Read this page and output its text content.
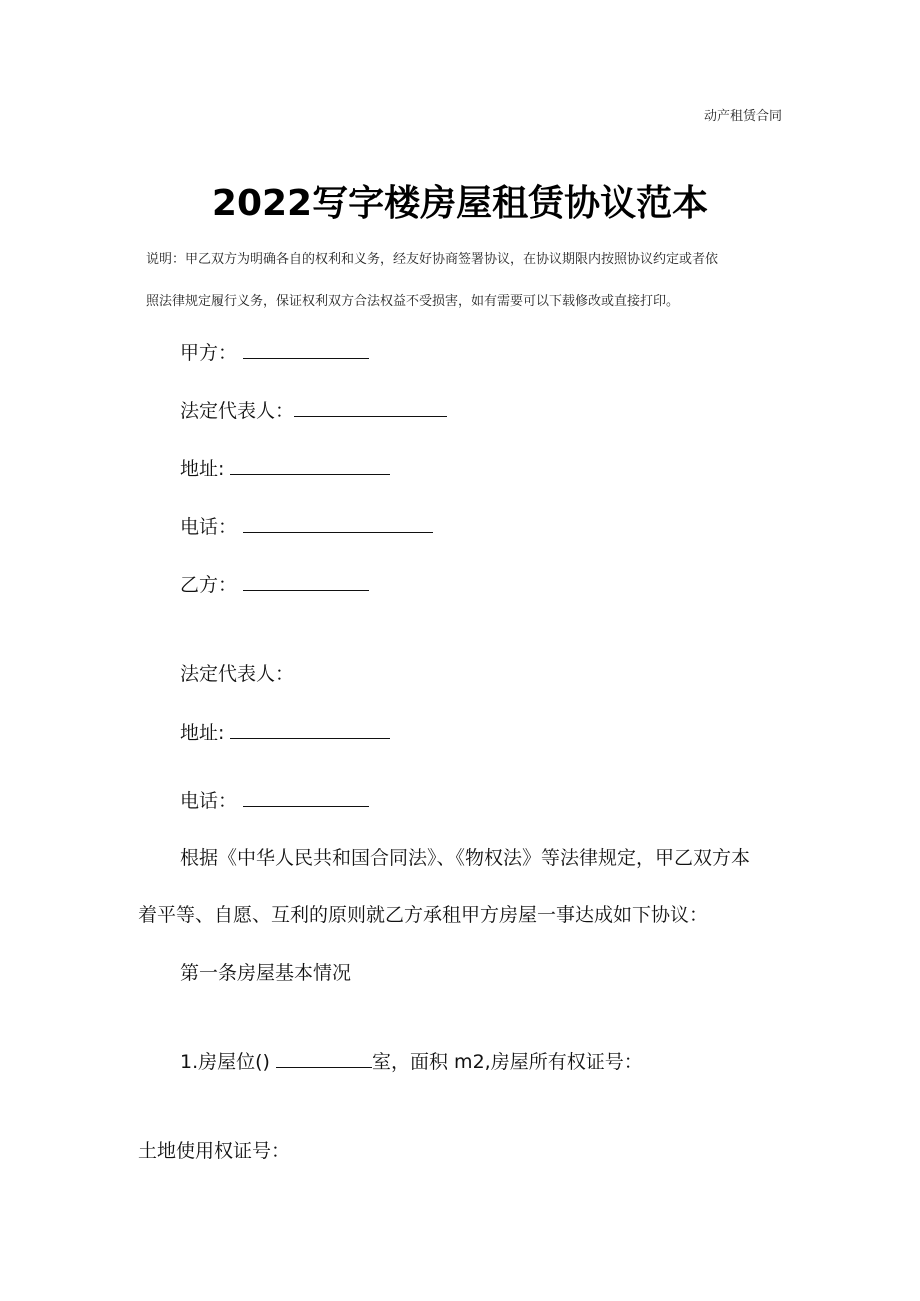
动产租赁合同
2022写字楼房屋租赁协议范本
说明：甲乙双方为明确各自的权利和义务，经友好协商签署协议，在协议期限内按照协议约定或者依
照法律规定履行义务，保证权利双方合法权益不受损害，如有需要可以下载修改或直接打印。
甲方：
法定代表人：
地址:
电话：
乙方：
法定代表人：
地址:
电话：
根据《中华人民共和国合同法》、《物权法》等法律规定，甲乙双方本
着平等、自愿、互利的原则就乙方承租甲方房屋一事达成如下协议：
第一条房屋基本情况
1.房屋位()	室，面积 m2,房屋所有权证号：
土地使用权证号：
